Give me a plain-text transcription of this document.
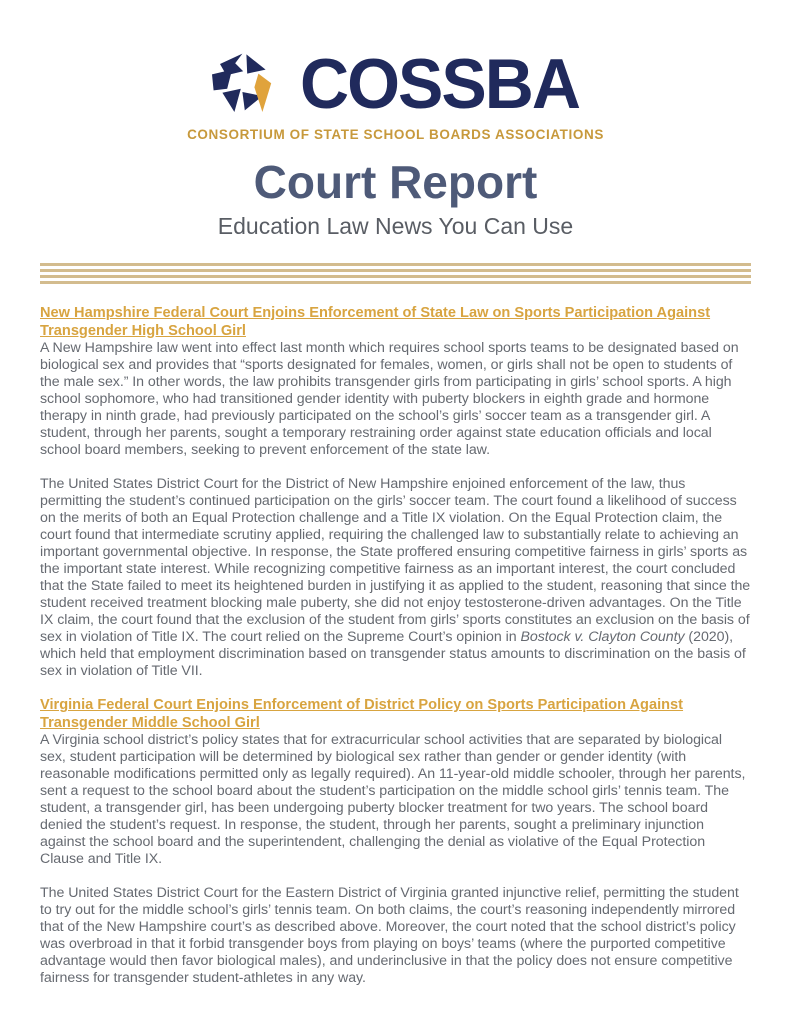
COSSBA
CONSORTIUM OF STATE SCHOOL BOARDS ASSOCIATIONS
Court Report
Education Law News You Can Use
New Hampshire Federal Court Enjoins Enforcement of State Law on Sports Participation Against Transgender High School Girl

A New Hampshire law went into effect last month which requires school sports teams to be designated based on biological sex and provides that “sports designated for females, women, or girls shall not be open to students of the male sex.” In other words, the law prohibits transgender girls from participating in girls’ school sports. A high school sophomore, who had transitioned gender identity with puberty blockers in eighth grade and hormone therapy in ninth grade, had previously participated on the school’s girls’ soccer team as a transgender girl. A student, through her parents, sought a temporary restraining order against state education officials and local school board members, seeking to prevent enforcement of the state law.

The United States District Court for the District of New Hampshire enjoined enforcement of the law, thus permitting the student’s continued participation on the girls’ soccer team. The court found a likelihood of success on the merits of both an Equal Protection challenge and a Title IX violation. On the Equal Protection claim, the court found that intermediate scrutiny applied, requiring the challenged law to substantially relate to achieving an important governmental objective. In response, the State proffered ensuring competitive fairness in girls’ sports as the important state interest. While recognizing competitive fairness as an important interest, the court concluded that the State failed to meet its heightened burden in justifying it as applied to the student, reasoning that since the student received treatment blocking male puberty, she did not enjoy testosterone-driven advantages. On the Title IX claim, the court found that the exclusion of the student from girls’ sports constitutes an exclusion on the basis of sex in violation of Title IX. The court relied on the Supreme Court’s opinion in Bostock v. Clayton County (2020), which held that employment discrimination based on transgender status amounts to discrimination on the basis of sex in violation of Title VII.

Virginia Federal Court Enjoins Enforcement of District Policy on Sports Participation Against Transgender Middle School Girl

A Virginia school district’s policy states that for extracurricular school activities that are separated by biological sex, student participation will be determined by biological sex rather than gender or gender identity (with reasonable modifications permitted only as legally required). An 11-year-old middle schooler, through her parents, sent a request to the school board about the student’s participation on the middle school girls’ tennis team. The student, a transgender girl, has been undergoing puberty blocker treatment for two years. The school board denied the student’s request. In response, the student, through her parents, sought a preliminary injunction against the school board and the superintendent, challenging the denial as violative of the Equal Protection Clause and Title IX.

The United States District Court for the Eastern District of Virginia granted injunctive relief, permitting the student to try out for the middle school’s girls’ tennis team. On both claims, the court’s reasoning independently mirrored that of the New Hampshire court’s as described above. Moreover, the court noted that the school district’s policy was overbroad in that it forbid transgender boys from playing on boys’ teams (where the purported competitive advantage would then favor biological males), and underinclusive in that the policy does not ensure competitive fairness for transgender student-athletes in any way.
